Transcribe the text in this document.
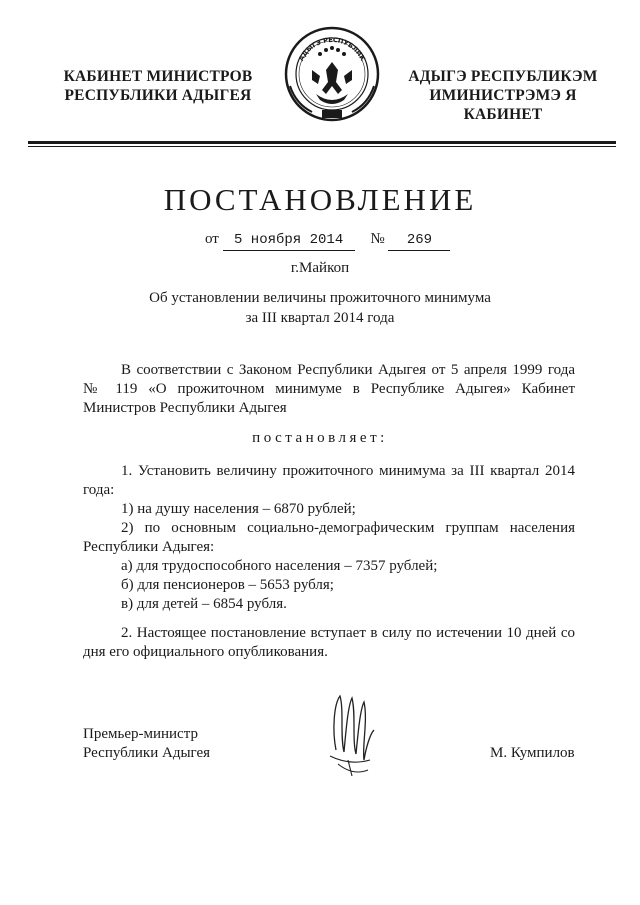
КАБИНЕТ МИНИСТРОВ
РЕСПУБЛИКИ АДЫГЕЯ
АДЫГЭ РЕСПУБЛИК
АДЫГЭ РЕСПУБЛИКЭМ
ИМИНИСТРЭМЭ Я КАБИНЕТ
ПОСТАНОВЛЕНИЕ
от 5 ноября 2014 № 269
г.Майкоп
Об установлении величины прожиточного минимума
за III квартал 2014 года
В соответствии с Законом Республики Адыгея от 5 апреля 1999 года № 119 «О прожиточном минимуме в Республике Адыгея» Кабинет Министров Республики Адыгея
постановляет:
1. Установить величину прожиточного минимума за III квартал 2014 года:
1) на душу населения – 6870 рублей;
2) по основным социально-демографическим группам населения Республики Адыгея:
а) для трудоспособного населения – 7357 рублей;
б) для пенсионеров – 5653 рубля;
в) для детей – 6854 рубля.
2. Настоящее постановление вступает в силу по истечении 10 дней со дня его официального опубликования.
Премьер-министр
Республики Адыгея	М. Кумпилов
